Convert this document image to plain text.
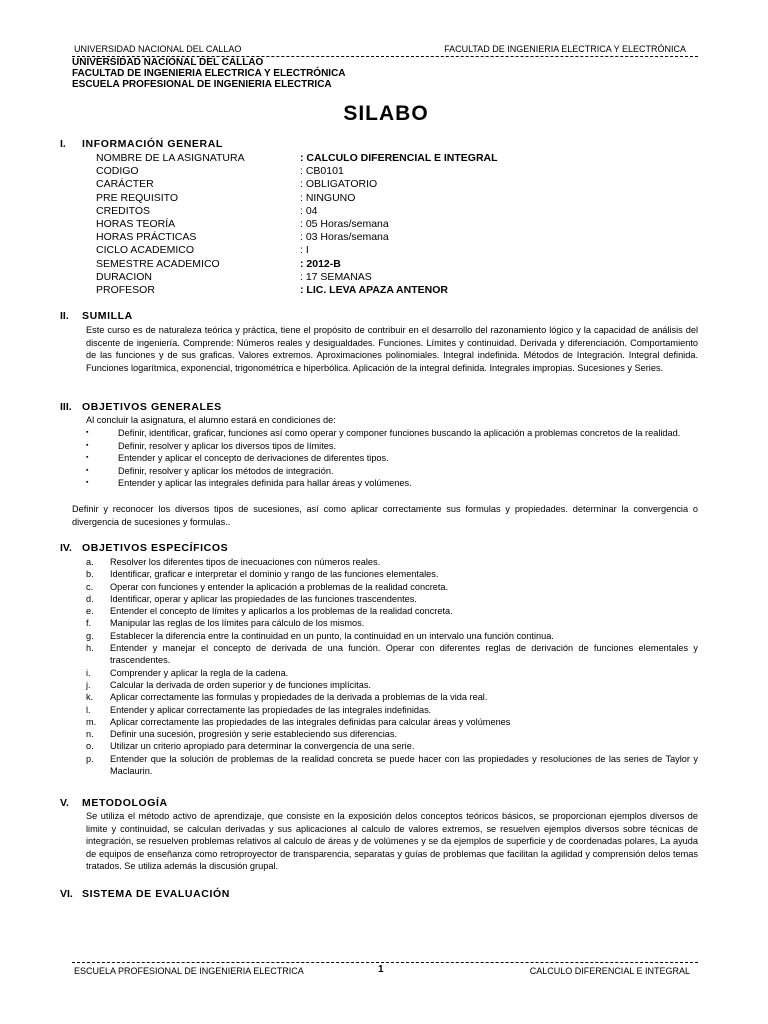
UNIVERSIDAD NACIONAL DEL CALLAO	FACULTAD DE INGENIERIA ELECTRICA Y ELECTRÓNICA
UNIVERSIDAD NACIONAL DEL CALLAO
FACULTAD DE INGENIERIA ELECTRICA Y ELECTRÓNICA
ESCUELA PROFESIONAL DE INGENIERIA ELECTRICA
SILABO
I. INFORMACIÓN GENERAL
NOMBRE DE LA ASIGNATURA	: CALCULO DIFERENCIAL E INTEGRAL
CODIGO	: CB0101
CARÁCTER	: OBLIGATORIO
PRE REQUISITO	: NINGUNO
CREDITOS	: 04
HORAS TEORÍA	: 05 Horas/semana
HORAS PRÁCTICAS	: 03 Horas/semana
CICLO ACADEMICO	: I
SEMESTRE ACADEMICO	: 2012-B
DURACION	: 17 SEMANAS
PROFESOR	: LIC. LEVA APAZA ANTENOR
II. SUMILLA
Este curso es de naturaleza teórica y práctica, tiene el propósito de contribuir en el desarrollo del razonamiento lógico y la capacidad de análisis del discente de ingeniería. Comprende: Números reales y desigualdades. Funciones. Límites y continuidad. Derivada y diferenciación. Comportamiento de las funciones y de sus graficas. Valores extremos. Aproximaciones polinomiales. Integral indefinida. Métodos de Integración. Integral definida. Funciones logarítmica, exponencial, trigonométrica e hiperbólica. Aplicación de la integral definida. Integrales impropias. Sucesiones y Series.
III. OBJETIVOS GENERALES
Al concluir la asignatura, el alumno estará en condiciones de:
▪	Definir, identificar, graficar, funciones así como operar y componer funciones buscando la aplicación a problemas concretos de la realidad.
▪	Definir, resolver y aplicar los diversos tipos de límites.
▪	Entender y aplicar el concepto de derivaciones de diferentes tipos.
▪	Definir, resolver y aplicar los métodos de integración.
▪	Entender y aplicar las integrales definida para hallar áreas y volúmenes.
Definir y reconocer los diversos tipos de sucesiones, así como aplicar correctamente sus formulas y propiedades. determinar la convergencia o divergencia de sucesiones y formulas..
IV. OBJETIVOS ESPECÍFICOS
a. Resolver los diferentes tipos de inecuaciones con números reales.
b. Identificar, graficar e interpretar el dominio y rango de las funciones elementales.
c. Operar con funciones y entender la aplicación a problemas de la realidad concreta.
d. Identificar, operar y aplicar las propiedades de las funciones trascendentes.
e. Entender el concepto de límites y aplicarlos a los problemas de la realidad concreta.
f. Manipular las reglas de los límites para cálculo de los mismos.
g. Establecer la diferencia entre la continuidad en un punto, la continuidad en un intervalo una función continua.
h. Entender y manejar el concepto de derivada de una función. Operar con diferentes reglas de derivación de funciones elementales y trascendentes.
i. Comprender y aplicar la regla de la cadena.
j. Calcular la derivada de orden superior y de funciones implícitas.
k. Aplicar correctamente las formulas y propiedades de la derivada a problemas de la vida real.
l. Entender y aplicar correctamente las propiedades de las integrales indefinidas.
m. Aplicar correctamente las propiedades de las integrales definidas para calcular áreas y volúmenes
n. Definir una sucesión, progresión y serie estableciendo sus diferencias.
o. Utilizar un criterio apropiado para determinar la convergencia de una serie.
p. Entender que la solución de problemas de la realidad concreta se puede hacer con las propiedades y resoluciones de las series de Taylor y Maclaurin.
V. METODOLOGÍA
Se utiliza el método activo de aprendizaje, que consiste en la exposición delos conceptos teóricos básicos, se proporcionan ejemplos diversos de limite y continuidad, se calculan derivadas y sus aplicaciones al calculo de valores extremos, se resuelven ejemplos diversos sobre técnicas de integración, se resuelven problemas relativos al calculo de áreas y de volúmenes y se da ejemplos de superficie y de coordenadas polares, La ayuda de equipos de enseñanza como retroproyector de transparencia, separatas y guías de problemas que facilitan la agilidad y comprensión delos temas tratados. Se utiliza además la discusión grupal.
VI. SISTEMA DE EVALUACIÓN
ESCUELA PROFESIONAL DE INGENIERIA ELECTRICA	1	CALCULO DIFERENCIAL E INTEGRAL
